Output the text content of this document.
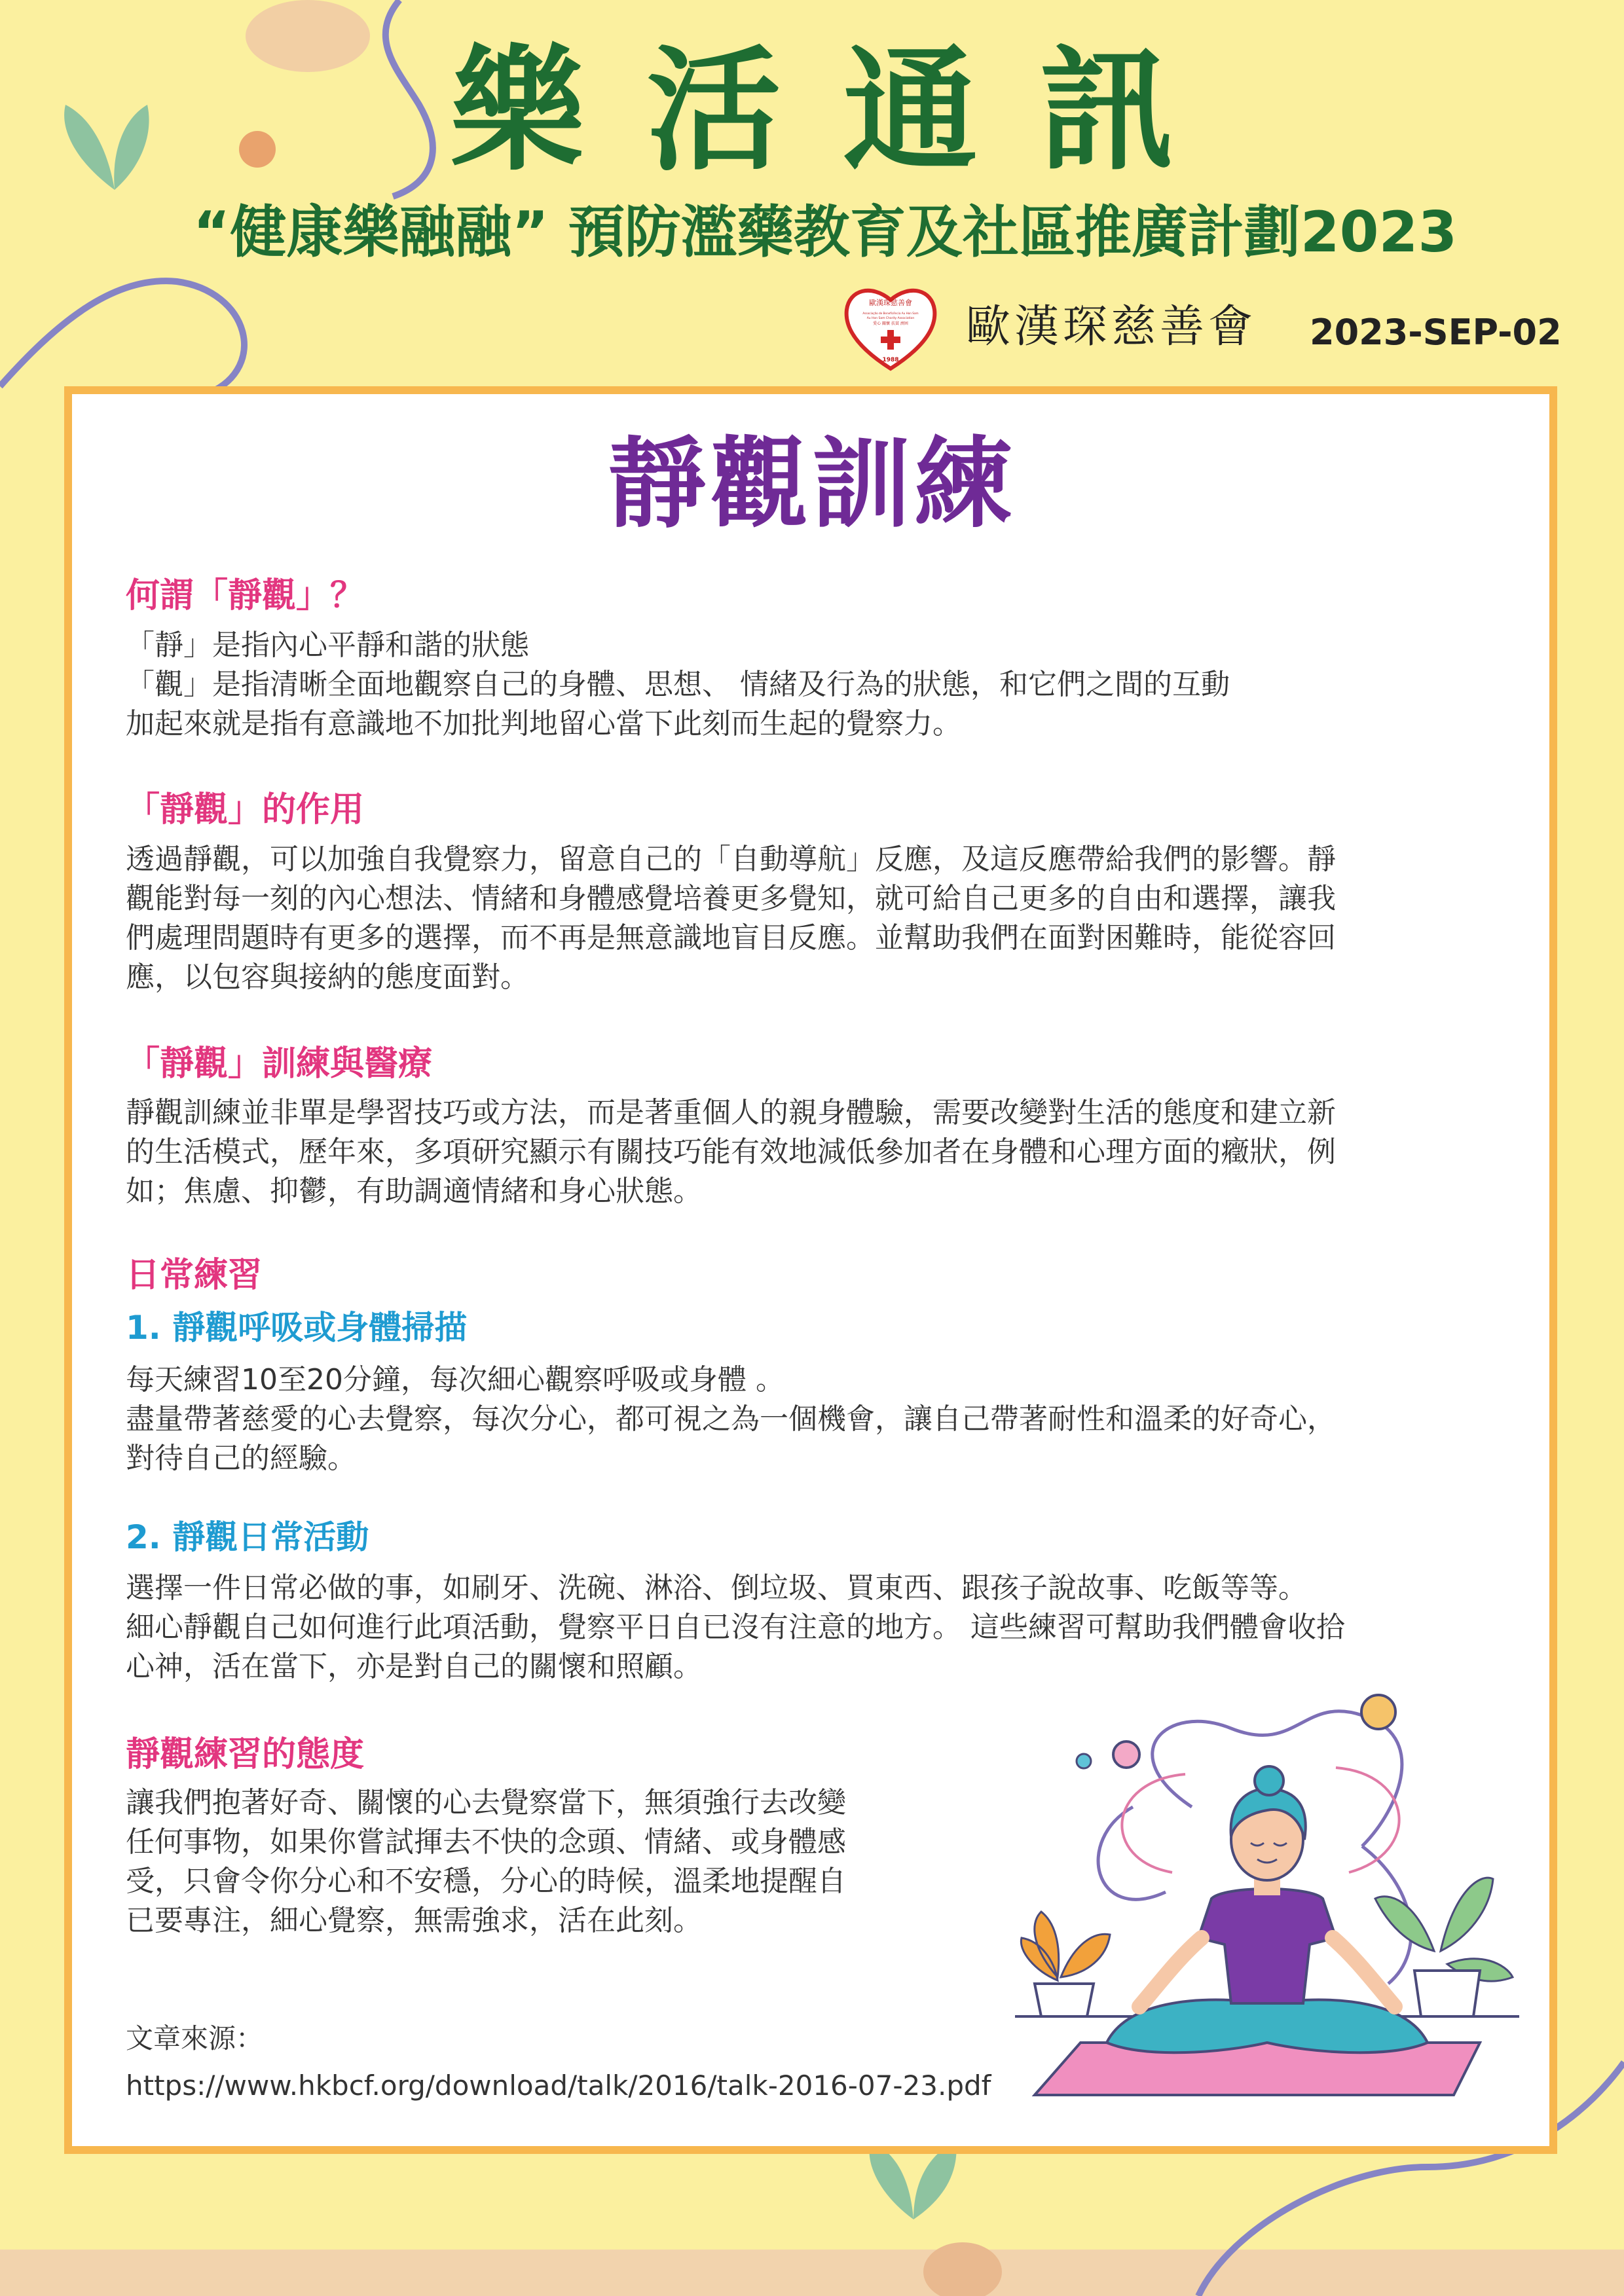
樂活通訊
“健康樂融融” 預防濫藥教育及社區推廣計劃2023
歐漢琛慈善會
Associação de Beneficência Au Hon Sam
Au Hon Sam Charity Association
愛心 關懷 扶貧 濟困
1988
歐漢琛慈善會 2023-SEP-02
靜觀訓練
何謂「靜觀」？
「靜」是指內心平靜和諧的狀態
「觀」是指清晰全面地觀察自己的身體、思想、 情緒及行為的狀態，和它們之間的互動
加起來就是指有意識地不加批判地留心當下此刻而生起的覺察力。
「靜觀」的作用
透過靜觀，可以加強自我覺察力，留意自己的「自動導航」反應，及這反應帶給我們的影響。靜
觀能對每一刻的內心想法、情緒和身體感覺培養更多覺知，就可給自己更多的自由和選擇，讓我
們處理問題時有更多的選擇，而不再是無意識地盲目反應。並幫助我們在面對困難時，能從容回
應，以包容與接納的態度面對。
「靜觀」訓練與醫療
靜觀訓練並非單是學習技巧或方法，而是著重個人的親身體驗，需要改變對生活的態度和建立新
的生活模式，歷年來，多項研究顯示有關技巧能有效地減低參加者在身體和心理方面的癥狀，例
如；焦慮、抑鬱，有助調適情緒和身心狀態。
日常練習
1. 靜觀呼吸或身體掃描
每天練習10至20分鐘，每次細心觀察呼吸或身體 。
盡量帶著慈愛的心去覺察，每次分心，都可視之為一個機會，讓自己帶著耐性和溫柔的好奇心，
對待自己的經驗。
2. 靜觀日常活動
選擇一件日常必做的事，如刷牙、洗碗、淋浴、倒垃圾、買東西、跟孩子說故事、吃飯等等。
細心靜觀自己如何進行此項活動，覺察平日自已沒有注意的地方。 這些練習可幫助我們體會收拾
心神，活在當下，亦是對自己的關懷和照顧。
靜觀練習的態度
讓我們抱著好奇、關懷的心去覺察當下，無須強行去改變
任何事物，如果你嘗試揮去不快的念頭、情緒、或身體感
受，只會令你分心和不安穩，分心的時候，溫柔地提醒自
已要專注，細心覺察，無需強求，活在此刻。
文章來源：
https://www.hkbcf.org/download/talk/2016/talk-2016-07-23.pdf
